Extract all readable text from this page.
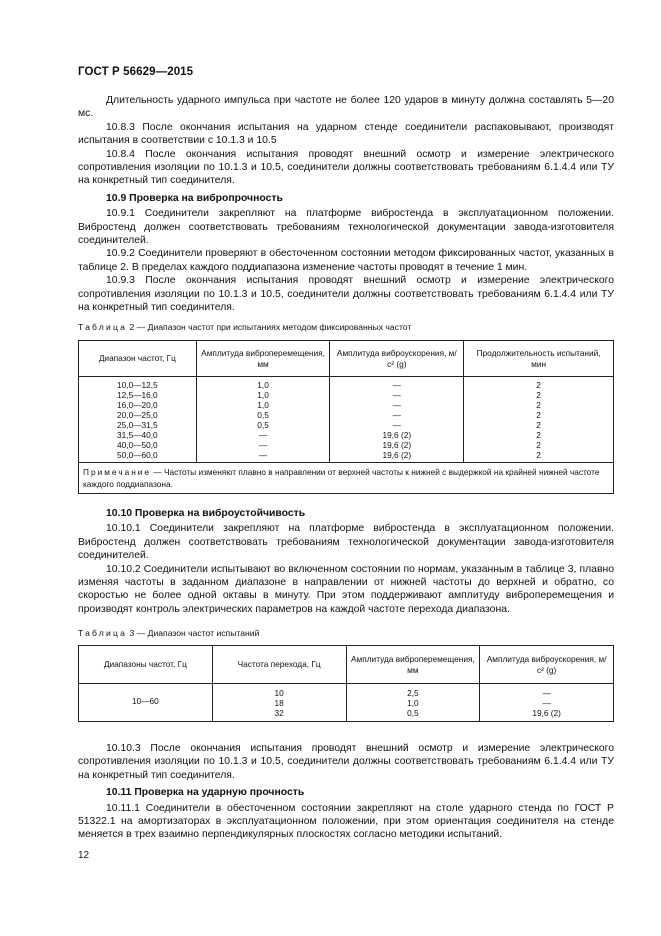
ГОСТ Р 56629—2015

Длительность ударного импульса при частоте не более 120 ударов в минуту должна составлять 5—20 мс.

10.8.3 После окончания испытания на ударном стенде соединители распаковывают, производят испытания в соответствии с 10.1.3 и 10.5

10.8.4 После окончания испытания проводят внешний осмотр и измерение электрического сопротивления изоляции по 10.1.3 и 10.5, соединители должны соответствовать требованиям 6.1.4.4 или ТУ на конкретный тип соединителя.

10.9 Проверка на вибропрочность

10.9.1 Соединители закрепляют на платформе вибростенда в эксплуатационном положении. Вибростенд должен соответствовать требованиям технологической документации завода-изготовителя соединителей.

10.9.2 Соединители проверяют в обесточенном состоянии методом фиксированных частот, указанных в таблице 2. В пределах каждого поддиапазона изменение частоты проводят в течение 1 мин.

10.9.3 После окончания испытания проводят внешний осмотр и измерение электрического сопротивления изоляции по 10.1.3 и 10.5, соединители должны соответствовать требованиям 6.1.4.4 или ТУ на конкретный тип соединителя.

Таблица 2 — Диапазон частот при испытаниях методом фиксированных частот
Диапазон частот, Гц	Амплитуда виброперемещения, мм	Амплитуда виброускорения, м/с² (g)	Продолжительность испытаний, мин
10,0—12,5	1,0	—	2
12,5—16,0	1,0	—	2
16,0—20,0	1,0	—	2
20,0—25,0	0,5	—	2
25,0—31,5	0,5	—	2
31,5—40,0	—	19,6 (2)	2
40,0—50,0	—	19,6 (2)	2
50,0—60,0	—	19,6 (2)	2
Примечание — Частоты изменяют плавно в направлении от верхней частоты к нижней с выдержкой на крайней нижней частоте каждого поддиапазона.			

10.10 Проверка на виброустойчивость

10.10.1 Соединители закрепляют на платформе вибростенда в эксплуатационном положении. Вибростенд должен соответствовать требованиям технологической документации завода-изготовителя соединителей.

10.10.2 Соединители испытывают во включенном состоянии по нормам, указанным в таблице 3, плавно изменяя частоты в заданном диапазоне в направлении от нижней частоты до верхней и обратно, со скоростью не более одной октавы в минуту. При этом поддерживают амплитуду виброперемещения и производят контроль электрических параметров на каждой частоте перехода диапазона.

Таблица 3 — Диапазон частот испытаний
Диапазоны частот, Гц	Частота перехода, Гц	Амплитуда виброперемещения, мм	Амплитуда виброускорения, м/с² (g)
10—60	10	2,5	—
	18	1,0	—
	32	0,5	19,6 (2)

10.10.3 После окончания испытания проводят внешний осмотр и измерение электрического сопротивления изоляции по 10.1.3 и 10.5, соединители должны соответствовать требованиям 6.1.4.4 или ТУ на конкретный тип соединителя.

10.11 Проверка на ударную прочность

10.11.1 Соединители в обесточенном состоянии закрепляют на столе ударного стенда по ГОСТ Р 51322.1 на амортизаторах в эксплуатационном положении, при этом ориентация соединителя на стенде меняется в трех взаимно перпендикулярных плоскостях согласно методики испытаний.

12
